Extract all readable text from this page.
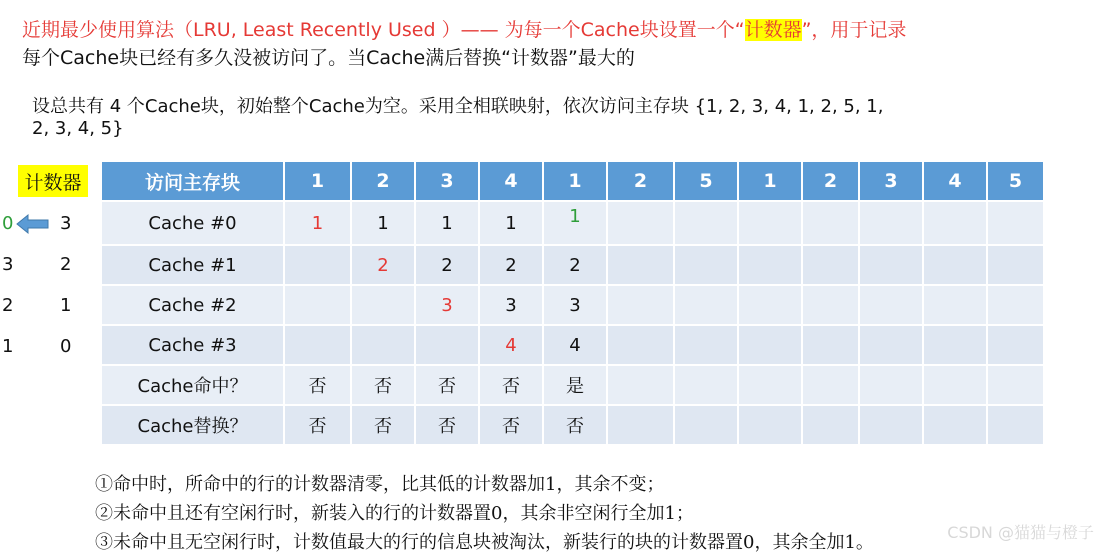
近期最少使用算法（LRU, Least Recently Used ）—— 为每一个Cache块设置一个“计数器”，用于记录
每个Cache块已经有多久没被访问了。当Cache满后替换“计数器”最大的
设总共有 4 个Cache块，初始整个Cache为空。采用全相联映射，依次访问主存块 {1, 2, 3, 4, 1, 2, 5, 1,
2, 3, 4, 5}
计数器
0	3
3	2
2	1
1	0
访问主存块	1	2	3	4	1	2	5	1	2	3	4	5
Cache #0	1	1	1	1	1							
Cache #1		2	2	2	2							
Cache #2			3	3	3							
Cache #3				4	4							
Cache命中？	否	否	否	否	是							
Cache替换？	否	否	否	否	否							
①命中时，所命中的行的计数器清零，比其低的计数器加1，其余不变；
②未命中且还有空闲行时，新装入的行的计数器置0，其余非空闲行全加1；
③未命中且无空闲行时，计数值最大的行的信息块被淘汰，新装行的块的计数器置0，其余全加1。	CSDN @猫猫与橙子
